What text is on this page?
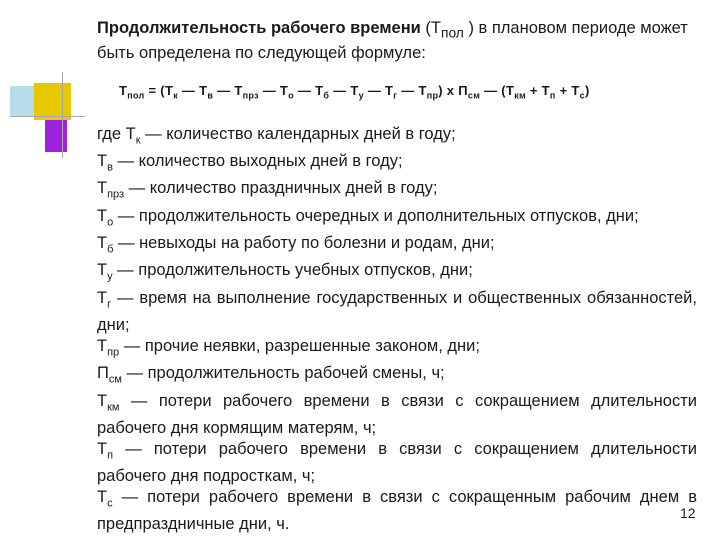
Продолжительность рабочего времени ($Т_{пол}$ ) в плановом периоде может быть определена по следующей формуле:

$Т_{пол} = (Т_к$ — $Т_в$ — $Т_{прз}$ — $Т_о$ — $Т_б$ — $Т_у$ — $Т_г$ — $Т_{пр}$) х $П_{см}$ — $(Т_{км} + Т_п + Т_с)$
где $Т_к$ — количество календарных дней в году;
$Т_в$ — количество выходных дней в году;
$Т_{прз}$ — количество праздничных дней в году;
$Т_о$ — продолжительность очередных и дополнительных отпусков, дни;
$Т_б$ — невыходы на работу по болезни и родам, дни;
$Т_у$ — продолжительность учебных отпусков, дни;
$Т_г$ — время на выполнение государственных и общественных обязанностей, дни;
$Т_{пр}$ — прочие неявки, разрешенные законом, дни;
$П_{см}$ — продолжительность рабочей смены, ч;
$Т_{км}$ — потери рабочего времени в связи с сокращением длительности рабочего дня кормящим матерям, ч;
$Т_п$ — потери рабочего времени в связи с сокращением длительности рабочего дня подросткам, ч;
$Т_с$ — потери рабочего времени в связи с сокращенным рабочим днем в предпраздничные дни, ч.
12
